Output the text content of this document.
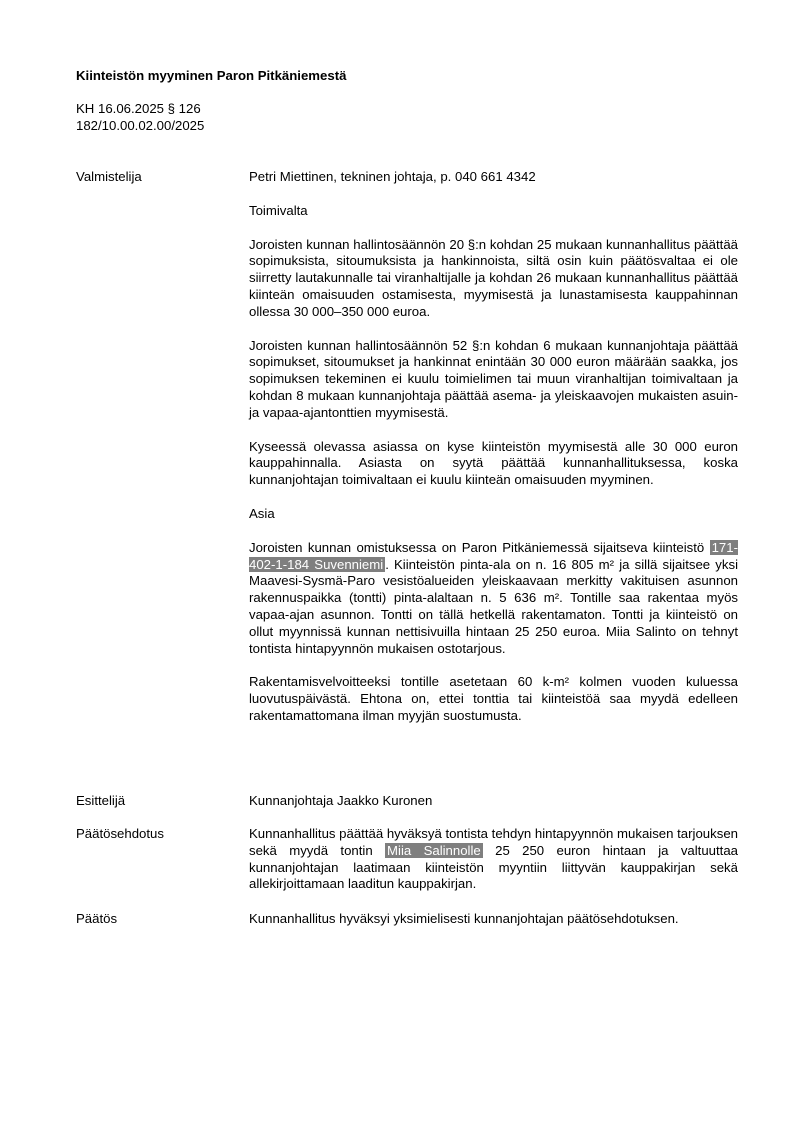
Kiinteistön myyminen Paron Pitkäniemestä
KH 16.06.2025 § 126
182/10.00.02.00/2025
Valmistelija	Petri Miettinen, tekninen johtaja, p. 040 661 4342

Toimivalta

Joroisten kunnan hallintosäännön 20 §:n kohdan 25 mukaan kunnanhallitus päättää sopimuksista, sitoumuksista ja hankinnoista, siltä osin kuin päätösvaltaa ei ole siirretty lautakunnalle tai viranhaltijalle ja kohdan 26 mukaan kunnanhallitus päättää kiinteän omaisuuden ostamisesta, myymisestä ja lunastamisesta kauppahinnan ollessa 30 000–350 000 euroa.

Joroisten kunnan hallintosäännön 52 §:n kohdan 6 mukaan kunnanjohtaja päättää sopimukset, sitoumukset ja hankinnat enintään 30 000 euron määrään saakka, jos sopimuksen tekeminen ei kuulu toimielimen tai muun viranhaltijan toimivaltaan ja kohdan 8 mukaan kunnanjohtaja päättää asema- ja yleiskaavojen mukaisten asuin- ja vapaa-ajantonttien myymisestä.

Kyseessä olevassa asiassa on kyse kiinteistön myymisestä alle 30 000 euron kauppahinnalla. Asiasta on syytä päättää kunnanhallituksessa, koska kunnanjohtajan toimivaltaan ei kuulu kiinteän omaisuuden myyminen.

Asia

Joroisten kunnan omistuksessa on Paron Pitkäniemessä sijaitseva kiinteistö 171-402-1-184 Suvenniemi . Kiinteistön pinta-ala on n. 16 805 m² ja sillä sijaitsee yksi Maavesi-Sysmä-Paro vesistöalueiden yleiskaavaan merkitty vakituisen asunnon rakennuspaikka (tontti) pinta-alaltaan n. 5 636 m². Tontille saa rakentaa myös vapaa-ajan asunnon. Tontti on tällä hetkellä rakentamaton. Tontti ja kiinteistö on ollut myynnissä kunnan nettisivuilla hintaan 25 250 euroa. Miia Salinto on tehnyt tontista hintapyynnön mukaisen ostotarjous.

Rakentamisvelvoitteeksi tontille asetetaan 60 k-m² kolmen vuoden kuluessa luovutuspäivästä. Ehtona on, ettei tonttia tai kiinteistöä saa myydä edelleen rakentamattomana ilman myyjän suostumusta.

Esittelijä	Kunnanjohtaja Jaakko Kuronen

Päätösehdotus	Kunnanhallitus päättää hyväksyä tontista tehdyn hintapyynnön mukaisen tarjouksen sekä myydä tontin Miia Salinnolle 25 250 euron hintaan ja valtuuttaa kunnanjohtajan laatimaan kiinteistön myyntiin liittyvän kauppakirjan sekä allekirjoittamaan laaditun kauppakirjan.

Päätös	Kunnanhallitus hyväksyi yksimielisesti kunnanjohtajan päätösehdotuksen.
